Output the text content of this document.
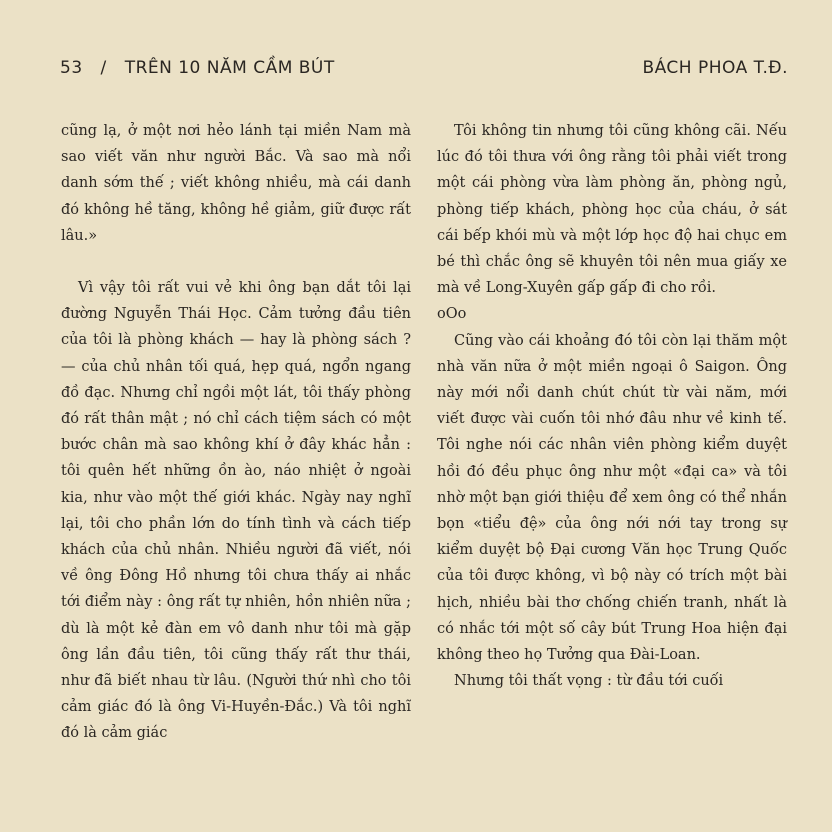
53 / TRÊN 10 NĂM CẦM BÚT	BÁCH PHOA T.Đ.

cũng lạ, ở một nơi hẻo lánh tại miền Nam mà sao viết văn như người Bắc. Và sao mà nổi danh sớm thế ; viết không nhiều, mà cái danh đó không hề tăng, không hề giảm, giữ được rất lâu.»

Vì vậy tôi rất vui vẻ khi ông bạn dắt tôi lại đường Nguyễn Thái Học. Cảm tưởng đầu tiên của tôi là phòng khách — hay là phòng sách ? — của chủ nhân tối quá, hẹp quá, ngổn ngang đồ đạc. Nhưng chỉ ngồi một lát, tôi thấy phòng đó rất thân mật ; nó chỉ cách tiệm sách có một bước chân mà sao không khí ở đây khác hẳn : tôi quên hết những ồn ào, náo nhiệt ở ngoài kia, như vào một thế giới khác. Ngày nay nghĩ lại, tôi cho phần lớn do tính tình và cách tiếp khách của chủ nhân. Nhiều người đã viết, nói về ông Đông Hồ nhưng tôi chưa thấy ai nhắc tới điểm này : ông rất tự nhiên, hồn nhiên nữa ; dù là một kẻ đàn em vô danh như tôi mà gặp ông lần đầu tiên, tôi cũng thấy rất thư thái, như đã biết nhau từ lâu. (Người thứ nhì cho tôi cảm giác đó là ông Vi-Huyền-Đắc.) Và tôi nghĩ đó là cảm giác

Tôi không tin nhưng tôi cũng không cãi. Nếu lúc đó tôi thưa với ông rằng tôi phải viết trong một cái phòng vừa làm phòng ăn, phòng ngủ, phòng tiếp khách, phòng học của cháu, ở sát cái bếp khói mù và một lớp học độ hai chục em bé thì chắc ông sẽ khuyên tôi nên mua giấy xe mà về Long-Xuyên gấp gấp đi cho rồi.

oOo

Cũng vào cái khoảng đó tôi còn lại thăm một nhà văn nữa ở một miền ngoại ô Saigon. Ông này mới nổi danh chút chút từ vài năm, mới viết được vài cuốn tôi nhớ đâu như về kinh tế. Tôi nghe nói các nhân viên phòng kiểm duyệt hồi đó đều phục ông như một «đại ca» và tôi nhờ một bạn giới thiệu để xem ông có thể nhắn bọn «tiểu đệ» của ông nới nới tay trong sự kiểm duyệt bộ Đại cương Văn học Trung Quốc của tôi được không, vì bộ này có trích một bài hịch, nhiều bài thơ chống chiến tranh, nhất là có nhắc tới một số cây bút Trung Hoa hiện đại không theo họ Tưởng qua Đài-Loan.

Nhưng tôi thất vọng : từ đầu tới cuối
